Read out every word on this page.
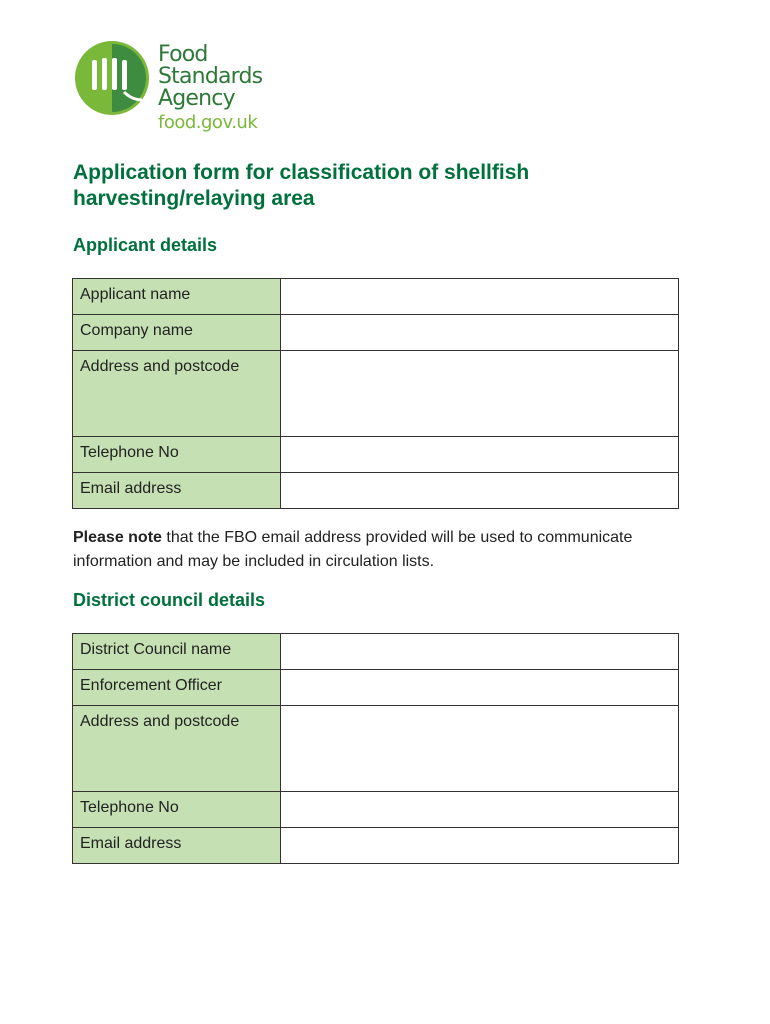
Food
Standards
Agency
food.gov.uk
Application form for classification of shellfish harvesting/relaying area
Applicant details
Applicant name	
Company name	
Address and postcode	
Telephone No	
Email address	

Please note that the FBO email address provided will be used to communicate information and may be included in circulation lists.

District council details
District Council name	
Enforcement Officer	
Address and postcode	
Telephone No	
Email address	
